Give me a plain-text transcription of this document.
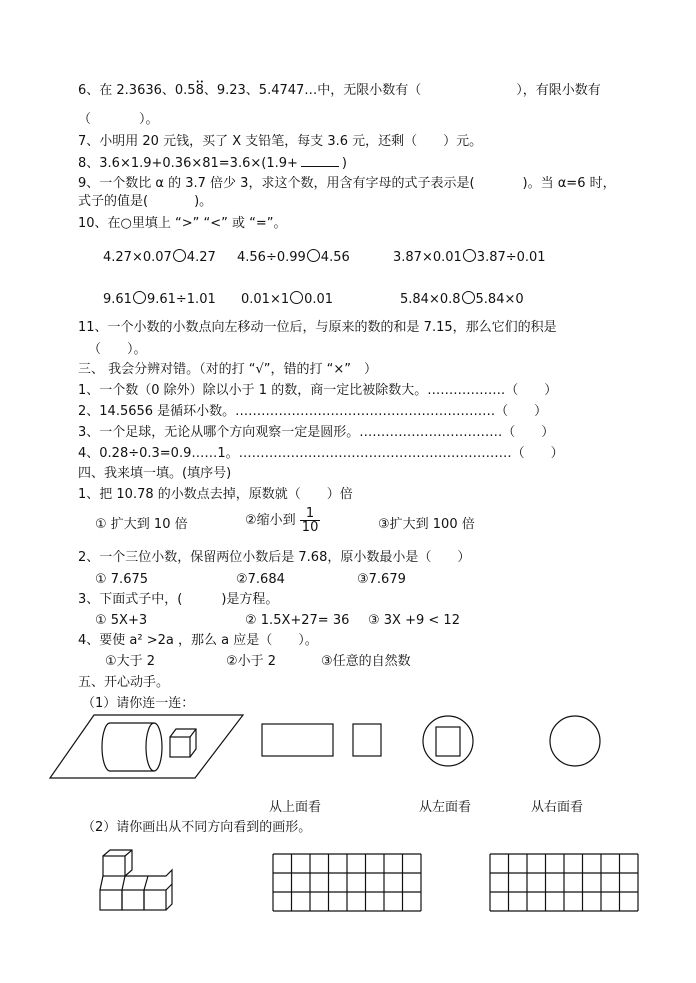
6、在 2.3636、0.5•• 8、9.23、5.4747…中，无限小数有（	），有限小数有
（	）。
7、小明用 20 元钱，买了 X 支铅笔，每支 3.6 元，还剩（　　）元。
8、3.6×1.9+0.36×81=3.6×(1.9+	)
9、一个数比 α 的 3.7 倍少 3，求这个数，用含有字母的式子表示是(	)。当 α=6 时，
式子的值是(	)。
10、在○里填上 “>” “<” 或 “=”。
4.27×0.07 4.27 4.56÷0.99 4.56	3.87×0.01 3.87÷0.01
9.61 9.61÷1.01 0.01×1 0.01	5.84×0.8 5.84×0
11、一个小数的小数点向左移动一位后，与原来的数的和是 7.15，那么它们的积是
（　　）。
三、 我会分辨对错。（对的打 “√”，错的打 “×”　）
1、一个数（0 除外）除以小于 1 的数，商一定比被除数大。………………（　　）
2、14.5656 是循环小数。……………………………………………………（　　）
3、一个足球，无论从哪个方向观察一定是圆形。……………………………（　　）
4、0.28÷0.3=0.9……1。………………………………………………………（　　）
四、我来填一填。(填序号)
1、把 10.78 的小数点去掉，原数就（　　）倍
① 扩大到 10 倍	②缩小到 $\frac{1}{10}$	③扩大到 100 倍
2、一个三位小数，保留两位小数后是 7.68，原小数最小是（　　）
① 7.675	②7.684	③7.679
3、下面式子中，(　　　)是方程。
① 5X+3	② 1.5X+27= 36 ③ 3X +9 < 12
4、要使 a² >2a ，那么 a 应是（　　）。
①大于 2	②小于 2	③任意的自然数
五、开心动手。
（1）请你连一连：
从上面看	从左面看	从右面看
（2）请你画出从不同方向看到的画形。
